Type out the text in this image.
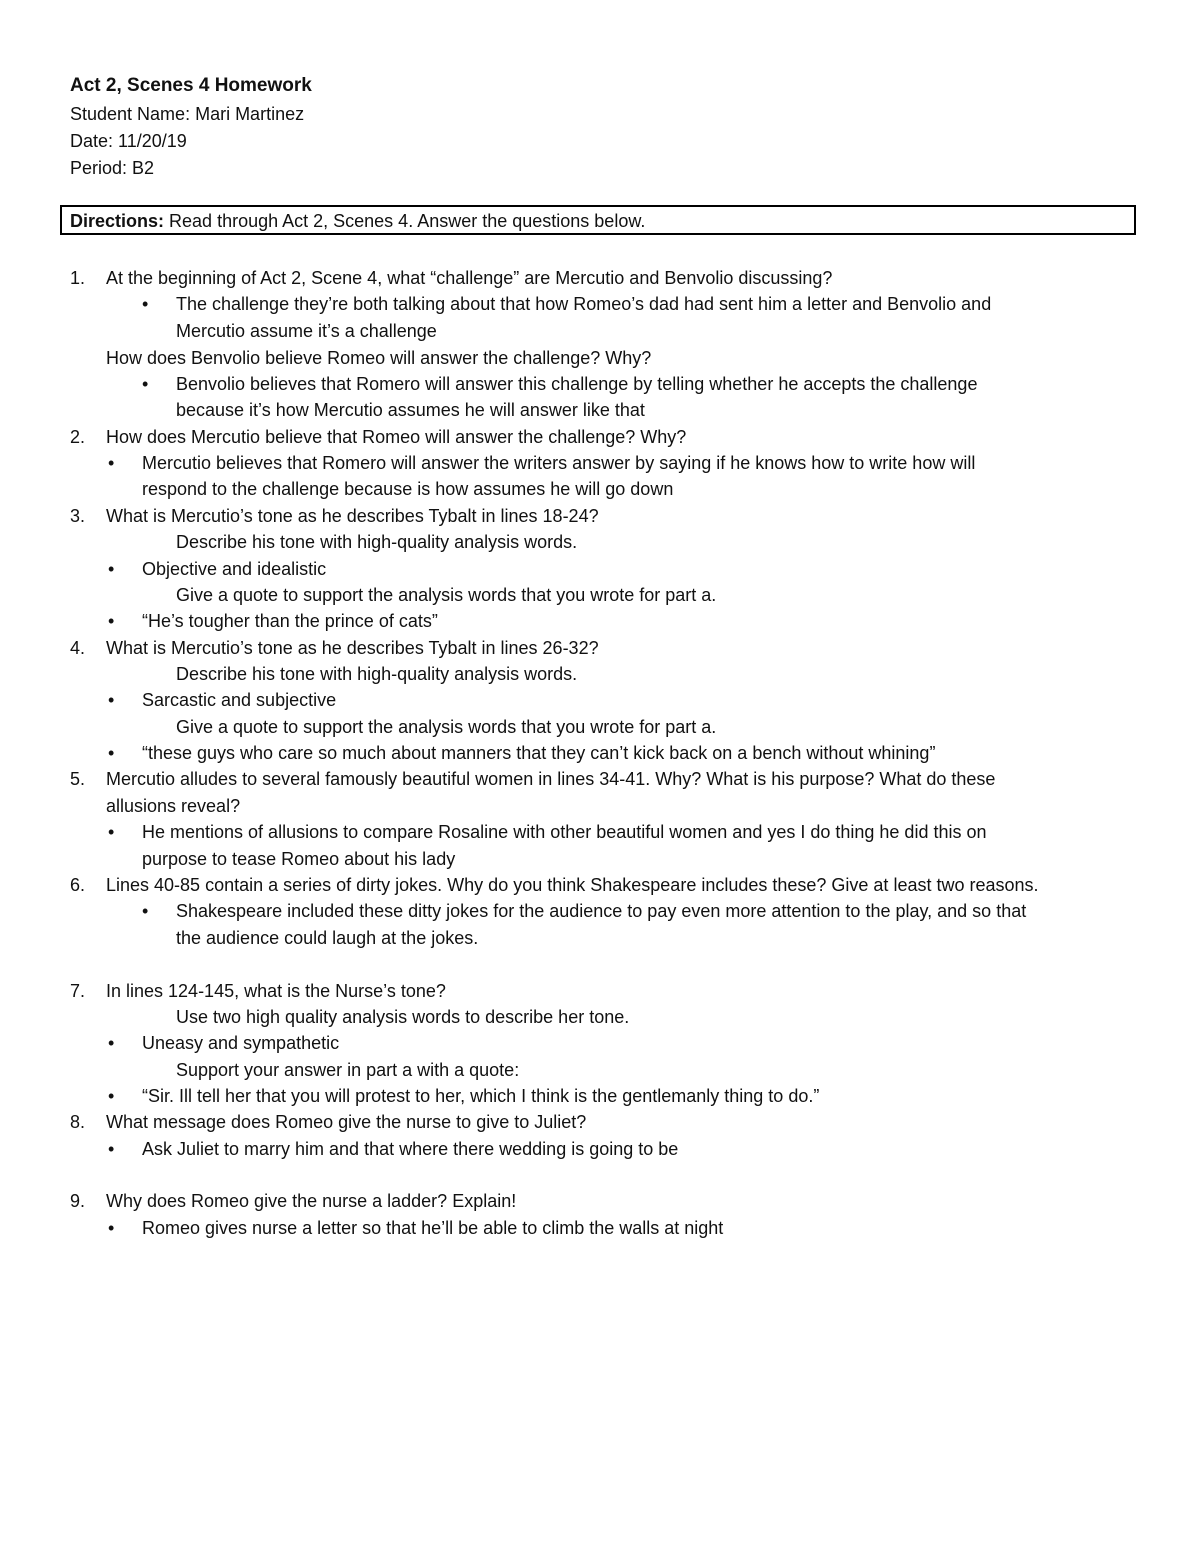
Act 2, Scenes 4 Homework
Student Name: Mari Martinez
Date: 11/20/19
Period: B2
Directions: Read through Act 2, Scenes 4. Answer the questions below.
1. At the beginning of Act 2, Scene 4, what “challenge” are Mercutio and Benvolio discussing?
• The challenge they’re both talking about that how Romeo’s dad had sent him a letter and Benvolio and
Mercutio assume it’s a challenge
How does Benvolio believe Romeo will answer the challenge? Why?
• Benvolio believes that Romero will answer this challenge by telling whether he accepts the challenge
because it’s how Mercutio assumes he will answer like that
2. How does Mercutio believe that Romeo will answer the challenge? Why?
• Mercutio believes that Romero will answer the writers answer by saying if he knows how to write how will
respond to the challenge because is how assumes he will go down
3. What is Mercutio’s tone as he describes Tybalt in lines 18-24?
Describe his tone with high-quality analysis words.
• Objective and idealistic
Give a quote to support the analysis words that you wrote for part a.
• “He’s tougher than the prince of cats”
4. What is Mercutio’s tone as he describes Tybalt in lines 26-32?
Describe his tone with high-quality analysis words.
• Sarcastic and subjective
Give a quote to support the analysis words that you wrote for part a.
• “these guys who care so much about manners that they can’t kick back on a bench without whining”
5. Mercutio alludes to several famously beautiful women in lines 34-41. Why? What is his purpose? What do these
allusions reveal?
• He mentions of allusions to compare Rosaline with other beautiful women and yes I do thing he did this on
purpose to tease Romeo about his lady
6. Lines 40-85 contain a series of dirty jokes. Why do you think Shakespeare includes these? Give at least two reasons.
• Shakespeare included these ditty jokes for the audience to pay even more attention to the play, and so that
the audience could laugh at the jokes.
7. In lines 124-145, what is the Nurse’s tone?
Use two high quality analysis words to describe her tone.
• Uneasy and sympathetic
Support your answer in part a with a quote:
• “Sir. Ill tell her that you will protest to her, which I think is the gentlemanly thing to do.”
8. What message does Romeo give the nurse to give to Juliet?
• Ask Juliet to marry him and that where there wedding is going to be
9. Why does Romeo give the nurse a ladder? Explain!
• Romeo gives nurse a letter so that he’ll be able to climb the walls at night
